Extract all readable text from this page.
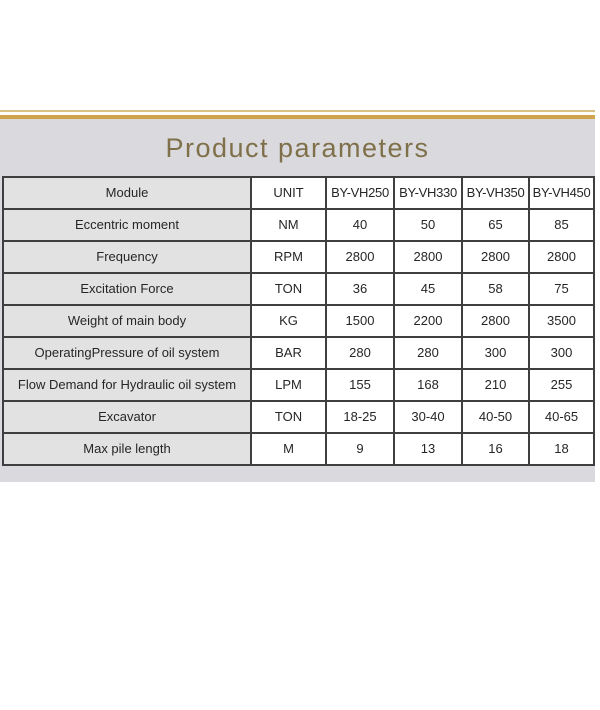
Product parameters
Module	UNIT	BY-VH250	BY-VH330	BY-VH350	BY-VH450
Eccentric moment	NM	40	50	65	85
Frequency	RPM	2800	2800	2800	2800
Excitation Force	TON	36	45	58	75
Weight of main body	KG	1500	2200	2800	3500
OperatingPressure of oil system	BAR	280	280	300	300
Flow Demand for Hydraulic oil system	LPM	155	168	210	255
Excavator	TON	18-25	30-40	40-50	40-65
Max pile length	M	9	13	16	18
